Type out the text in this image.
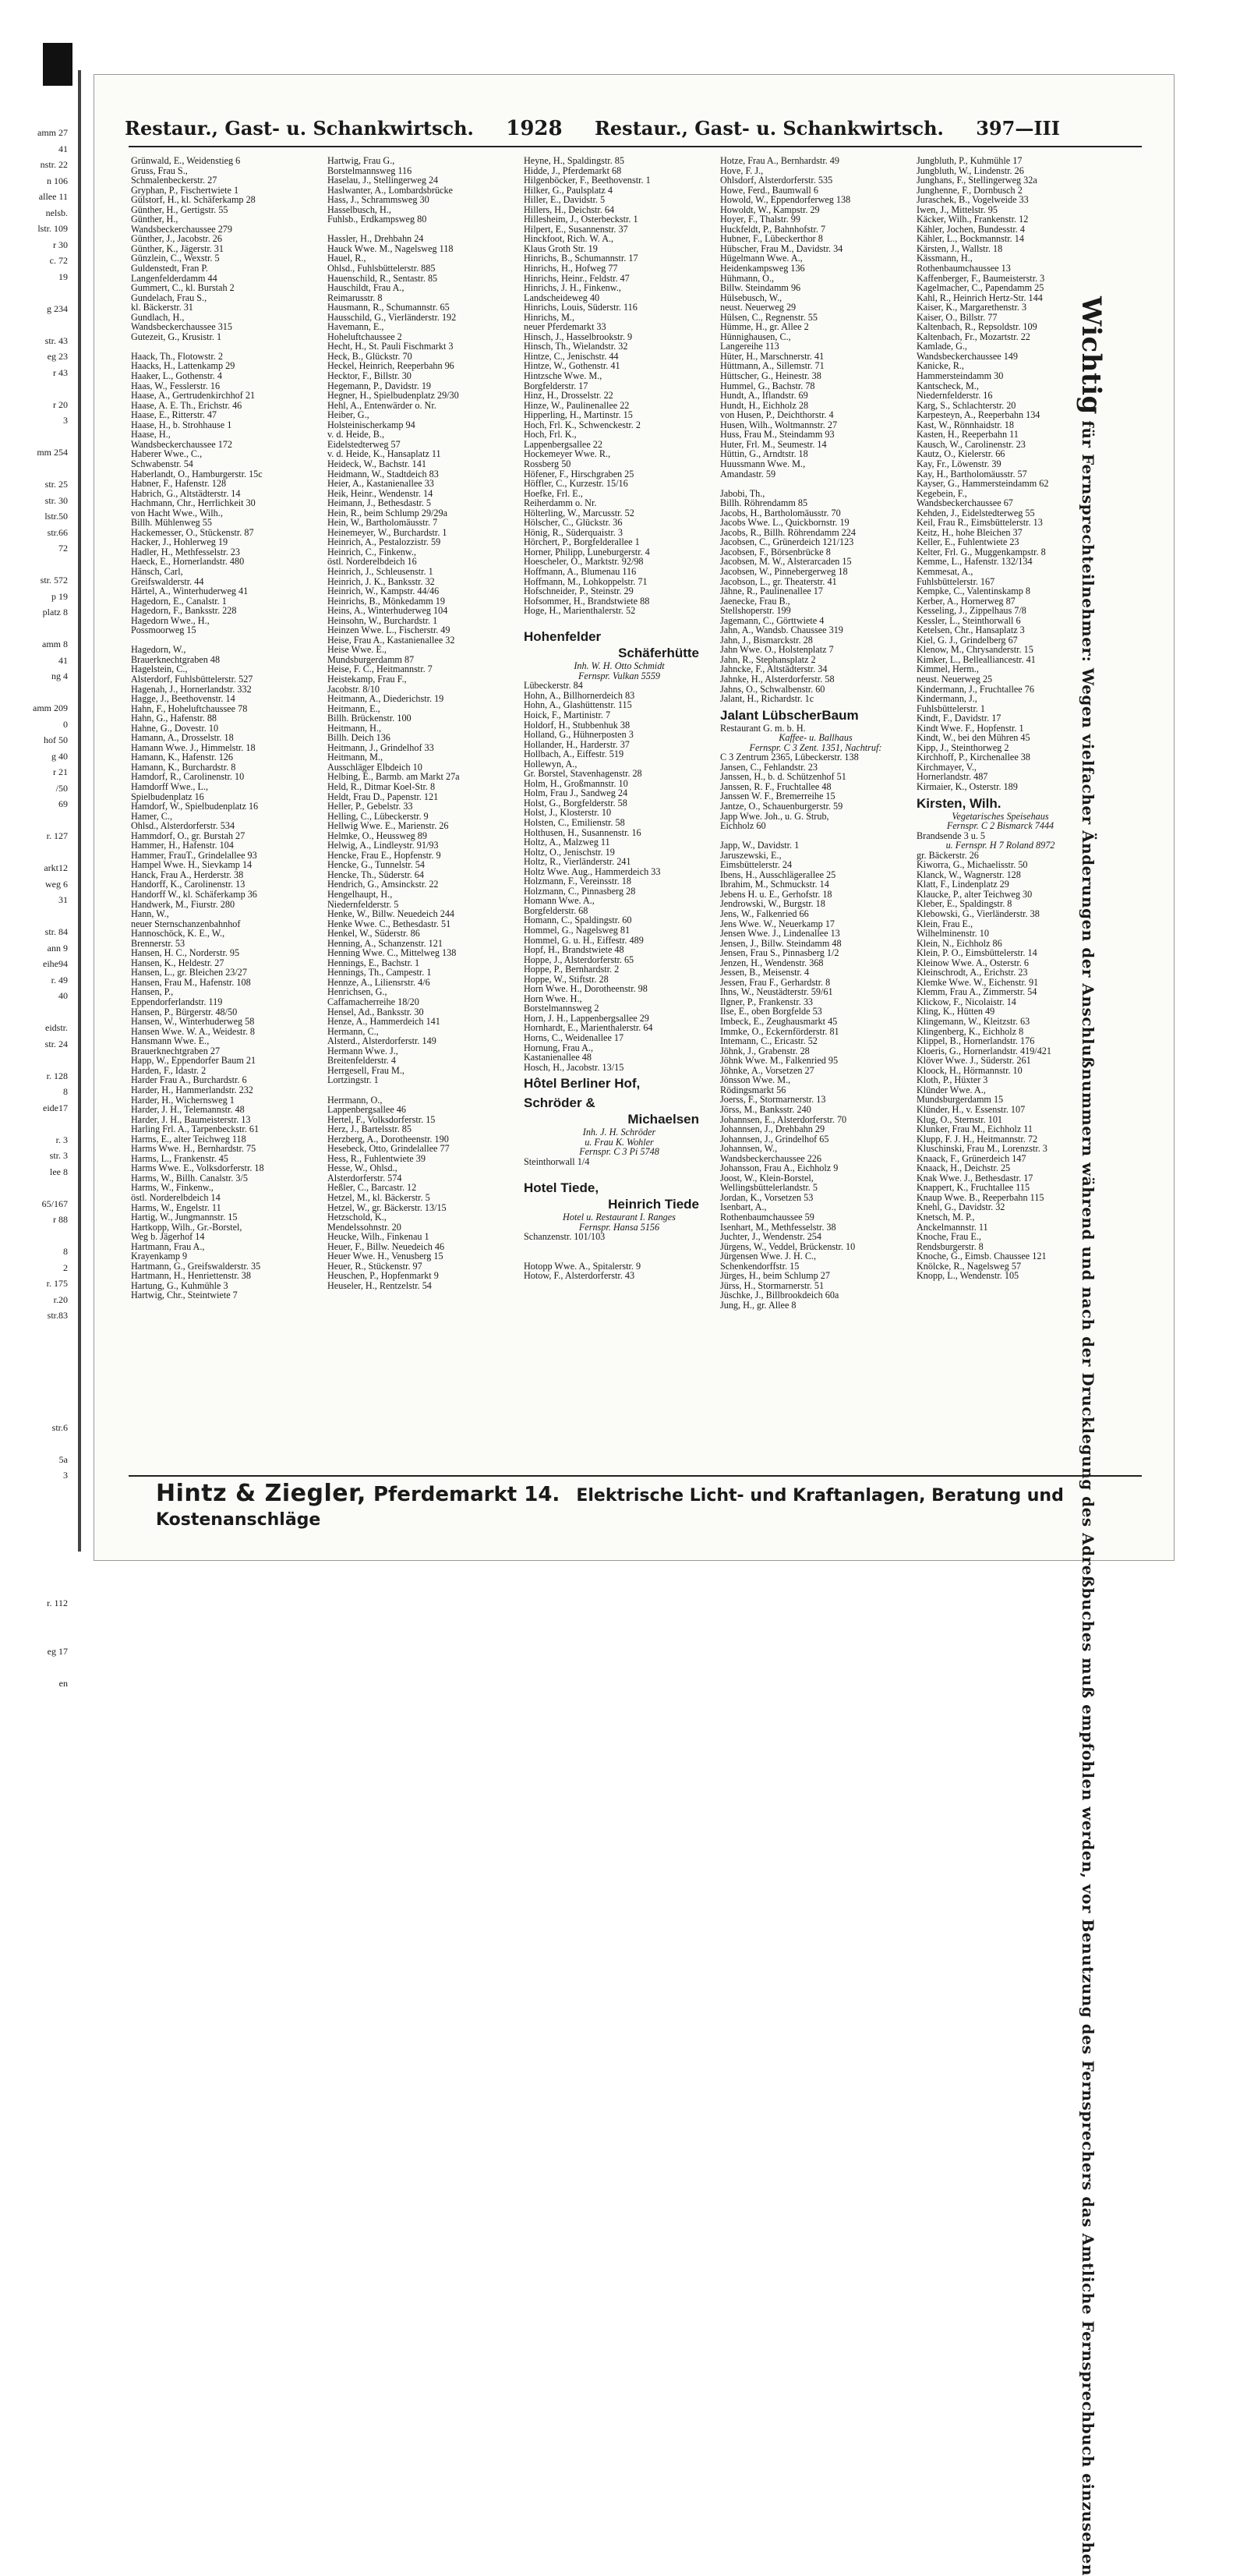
amm 27
41
nstr. 22
n 106
allee 11
nelsb.
lstr. 109
r 30
c. 72
19

g 234

str. 43
eg 23
r 43

r 20
3

mm 254

str. 25
str. 30
lstr.50
str.66
72

str. 572
p 19
platz 8

amm 8
41
ng 4

amm 209
0
hof 50
g 40
r 21
/50
69

r. 127

arkt12
weg 6
31

str. 84
ann 9
eihe94
r. 49
40

eidstr.
str. 24

r. 128
8
eide17

r. 3
str. 3
lee 8

65/167
r 88

8
2
r. 175
r.20
str.83

str.6

5a
3

r. 112

eg 17

en
Restaur., Gast- u. Schankwirtsch. 1928 Restaur., Gast- u. Schankwirtsch. 397—III
Grünwald, E., Weidenstieg 6
Gruss, Frau S.,
Schmalenbeckerstr. 27
Gryphan, P., Fischertwiete 1
Gülstorf, H., kl. Schäferkamp 28
Günther, H., Gertigstr. 55
Günther, H.,
Wandsbeckerchaussee 279
Günther, J., Jacobstr. 26
Günther, K., Jägerstr. 31
Günzlein, C., Wexstr. 5
Guldenstedt, Fran P.
Langenfelderdamm 44
Gummert, C., kl. Burstah 2
Gundelach, Frau S.,
kl. Bäckerstr. 31
Gundlach, H.,
Wandsbeckerchaussee 315
Gutezeit, G., Krusistr. 1

Haack, Th., Flotowstr. 2
Haacks, H., Lattenkamp 29
Haaker, L., Gothenstr. 4
Haas, W., Fesslerstr. 16
Haase, A., Gertrudenkirchhof 21
Haase, A. E. Th., Erichstr. 46
Haase, E., Ritterstr. 47
Haase, H., b. Strohhause 1
Haase, H.,
Wandsbeckerchaussee 172
Haberer Wwe., C.,
Schwabenstr. 54
Haberlandt, O., Hamburgerstr. 15c
Habner, F., Hafenstr. 128
Habrich, G., Altstädterstr. 14
Hachmann, Chr., Herrlichkeit 30
von Hacht Wwe., Wilh.,
Billh. Mühlenweg 55
Hackemesser, O., Stückenstr. 87
Hacker, J., Hohlerweg 19
Hadler, H., Methfesselstr. 23
Haeck, E., Hornerlandstr. 480
Hänsch, Carl,
Greifswalderstr. 44
Härtel, A., Winterhuderweg 41
Hagedorn, E., Canalstr. 1
Hagedorn, F., Banksstr. 228
Hagedorn Wwe., H.,
Possmoorweg 15

Hagedorn, W.,
Brauerknechtgraben 48
Hagelstein, C.,
Alsterdorf, Fuhlsbüttelerstr. 527
Hagenah, J., Hornerlandstr. 332
Hagge, J., Beethovenstr. 14
Hahn, F., Hoheluftchaussee 78
Hahn, G., Hafenstr. 88
Hahne, G., Dovestr. 10
Hamann, A., Drosselstr. 18
Hamann Wwe. J., Himmelstr. 18
Hamann, K., Hafenstr. 126
Hamann, K., Burchardstr. 8
Hamdorf, R., Carolinenstr. 10
Hamdorff Wwe., L.,
Spielbudenplatz 16
Hamdorf, W., Spielbudenplatz 16
Hamer, C.,
Ohlsd., Alsterdorferstr. 534
Hammdorf, O., gr. Burstah 27
Hammer, H., Hafenstr. 104
Hammer, FrauT., Grindelallee 93
Hampel Wwe. H., Sievkamp 14
Hanck, Frau A., Herderstr. 38
Handorff, K., Carolinenstr. 13
Handorff W., kl. Schäferkamp 36
Handwerk, M., Fiurstr. 280
Hann, W.,
neuer Sternschanzenbahnhof
Hannoschöck, K. E., W.,
Brennerstr. 53
Hansen, H. C., Norderstr. 95
Hansen, K., Heldestr. 27
Hansen, L., gr. Bleichen 23/27
Hansen, Frau M., Hafenstr. 108
Hansen, P.,
Eppendorferlandstr. 119
Hansen, P., Bürgerstr. 48/50
Hansen, W., Winterhuderweg 58
Hansen Wwe. W. A., Weidestr. 8
Hansmann Wwe. E.,
Brauerknechtgraben 27
Happ, W., Eppendorfer Baum 21
Harden, F., Idastr. 2
Harder Frau A., Burchardstr. 6
Harder, H., Hammerlandstr. 232
Harder, H., Wichernsweg 1
Harder, J. H., Telemannstr. 48
Harder, J. H., Baumeisterstr. 13
Harling Frl. A., Tarpenbeckstr. 61
Harms, E., alter Teichweg 118
Harms Wwe. H., Bernhardstr. 75
Harms, L., Frankenstr. 45
Harms Wwe. E., Volksdorferstr. 18
Harms, W., Billh. Canalstr. 3/5
Harms, W., Finkenw.,
östl. Norderelbdeich 14
Harms, W., Engelstr. 11
Hartig, W., Jungmannstr. 15
Hartkopp, Wilh., Gr.-Borstel,
Weg b. Jägerhof 14
Hartmann, Frau A.,
Krayenkamp 9
Hartmann, G., Greifswalderstr. 35
Hartmann, H., Henriettenstr. 38
Hartung, G., Kuhmühle 3
Hartwig, Chr., Steintwiete 7
Hartwig, Frau G.,
Borstelmannsweg 116
Haselau, J., Stellingerweg 24
Haslwanter, A., Lombardsbrücke
Hass, J., Schrammsweg 30
Hasselbusch, H.,
Fuhlsb., Erdkampsweg 80

Hassler, H., Drehbahn 24
Hauck Wwe. M., Nagelsweg 118
Hauel, R.,
Ohlsd., Fuhlsbüttelerstr. 885
Hauenschild, R., Sentastr. 85
Hauschildt, Frau A.,
Reimarusstr. 8
Hausmann, R., Schumannstr. 65
Hausschild, G., Vierländerstr. 192
Havemann, E.,
Hoheluftchaussee 2
Hecht, H., St. Pauli Fischmarkt 3
Heck, B., Glückstr. 70
Heckel, Heinrich, Reeperbahn 96
Hecktor, F., Billstr. 30
Hegemann, P., Davidstr. 19
Hegner, H., Spielbudenplatz 29/30
Hehl, A., Entenwärder o. Nr.
Heiber, G.,
Holsteinischerkamp 94
v. d. Heide, B.,
Eidelstedterweg 57
v. d. Heide, K., Hansaplatz 11
Heideck, W., Bachstr. 141
Heidmann, W., Stadtdeich 83
Heier, A., Kastanienallee 33
Heik, Heinr., Wendenstr. 14
Heimann, J., Bethesdastr. 5
Hein, R., beim Schlump 29/29a
Hein, W., Bartholomäusstr. 7
Heinemeyer, W., Burchardstr. 1
Heinrich, A., Pestalozzistr. 59
Heinrich, C., Finkenw.,
östl. Norderelbdeich 16
Heinrich, J., Schleusenstr. 1
Heinrich, J. K., Banksstr. 32
Heinrich, W., Kampstr. 44/46
Heinrichs, B., Mönkedamm 19
Heins, A., Winterhuderweg 104
Heinsohn, W., Burchardstr. 1
Heinzen Wwe. L., Fischerstr. 49
Heise, Frau A., Kastanienallee 32
Heise Wwe. E.,
Mundsburgerdamm 87
Heise, F. C., Heitmannstr. 7
Heistekamp, Frau F.,
Jacobstr. 8/10
Heitmann, A., Diederichstr. 19
Heitmann, E.,
Billh. Brückenstr. 100
Heitmann, H.,
Billh. Deich 136
Heitmann, J., Grindelhof 33
Heitmann, M.,
Ausschläger Elbdeich 10
Helbing, E., Barmb. am Markt 27a
Held, R., Ditmar Koel-Str. 8
Heldt, Frau D., Papenstr. 121
Heller, P., Gebelstr. 33
Helling, C., Lübeckerstr. 9
Hellwig Wwe. E., Marienstr. 26
Helmke, O., Heussweg 89
Helwig, A., Lindleystr. 91/93
Hencke, Frau E., Hopfenstr. 9
Hencke, G., Tunnelstr. 54
Hencke, Th., Süderstr. 64
Hendrich, G., Amsinckstr. 22
Hengelhaupt, H.,
Niedernfelderstr. 5
Henke, W., Billw. Neuedeich 244
Henke Wwe. C., Bethesdastr. 51
Henkel, W., Süderstr. 86
Henning, A., Schanzenstr. 121
Henning Wwe. C., Mittelweg 138
Hennings, E., Bachstr. 1
Hennings, Th., Campestr. 1
Hennze, A., Liliensrstr. 4/6
Henrichsen, G.,
Caffamacherreihe 18/20
Hensel, Ad., Banksstr. 30
Henze, A., Hammerdeich 141
Hermann, C.,
Alsterd., Alsterdorferstr. 149
Hermann Wwe. J.,
Breitenfelderstr. 4
Herrgesell, Frau M.,
Lortzingstr. 1

Herrmann, O.,
Lappenbergsallee 46
Hertel, F., Volksdorferstr. 15
Herz, J., Bartelsstr. 85
Herzberg, A., Dorotheenstr. 190
Hesebeck, Otto, Grindelallee 77
Hess, R., Fuhlentwiete 39
Hesse, W., Ohlsd.,
Alsterdorferstr. 574
Heßler, C., Barcastr. 12
Hetzel, M., kl. Bäckerstr. 5
Hetzel, W., gr. Bäckerstr. 13/15
Hetzschold, K.,
Mendelssohnstr. 20
Heucke, Wilh., Finkenau 1
Heuer, F., Billw. Neuedeich 46
Heuer Wwe. H., Venusberg 15
Heuer, R., Stückenstr. 97
Heuschen, P., Hopfenmarkt 9
Heuseler, H., Rentzelstr. 54
Heyne, H., Spaldingstr. 85
Hidde, J., Pferdemarkt 68
Hilgenböcker, F., Beethovenstr. 1
Hilker, G., Paulsplatz 4
Hiller, E., Davidstr. 5
Hillers, H., Deichstr. 64
Hillesheim, J., Osterbeckstr. 1
Hilpert, E., Susannenstr. 37
Hinckfoot, Rich. W. A.,
Klaus Groth Str. 19
Hinrichs, B., Schumannstr. 17
Hinrichs, H., Hofweg 77
Hinrichs, Heinr., Feldstr. 47
Hinrichs, J. H., Finkenw.,
Landscheideweg 40
Hinrichs, Louis, Süderstr. 116
Hinrichs, M.,
neuer Pferdemarkt 33
Hinsch, J., Hasselbrookstr. 9
Hinsch, Th., Wielandstr. 32
Hintze, C., Jenischstr. 44
Hintze, W., Gothenstr. 41
Hintzsche Wwe. M.,
Borgfelderstr. 17
Hinz, H., Drosselstr. 22
Hinze, W., Paulinenallee 22
Hipperling, H., Martinstr. 15
Hoch, Frl. K., Schwenckestr. 2
Hoch, Frl. K.,
Lappenbergsallee 22
Hockemeyer Wwe. R.,
Rossberg 50
Höfener, F., Hirschgraben 25
Höffler, C., Kurzestr. 15/16
Hoefke, Frl. E.,
Reiherdamm o. Nr.
Hölterling, W., Marcusstr. 52
Hölscher, C., Glückstr. 36
Hönig, R., Süderquaistr. 3
Hörchert, P., Borgfelderallee 1
Horner, Philipp, Luneburgerstr. 4
Hoescheler, O., Marktstr. 92/98
Hoffmann, A., Blumenau 116
Hoffmann, M., Lohkoppelstr. 71
Hofschneider, P., Steinstr. 29
Hofsommer, H., Brandstwiete 88
Hoge, H., Marienthalerstr. 52

Hohenfelder
Schäferhütte
Inh. W. H. Otto Schmidt
Fernspr. Vulkan 5559
Lübeckerstr. 84
Hohn, A., Billhornerdeich 83
Hohn, A., Glashüttenstr. 115
Hoick, F., Martinistr. 7
Holdorf, H., Stubbenhuk 38
Holland, G., Hühnerposten 3
Hollander, H., Harderstr. 37
Hollbach, A., Eiffestr. 519
Hollewyn, A.,
Gr. Borstel, Stavenhagenstr. 28
Holm, H., Großmannstr. 10
Holm, Frau J., Sandweg 24
Holst, G., Borgfelderstr. 58
Holst, J., Klosterstr. 10
Holsten, C., Emilienstr. 58
Holthusen, H., Susannenstr. 16
Holtz, A., Malzweg 11
Holtz, O., Jenischstr. 19
Holtz, R., Vierländerstr. 241
Holtz Wwe. Aug., Hammerdeich 33
Holzmann, F., Vereinsstr. 18
Holzmann, C., Pinnasberg 28
Homann Wwe. A.,
Borgfelderstr. 68
Homann, C., Spaldingstr. 60
Hommel, G., Nagelsweg 81
Hommel, G. u. H., Eiffestr. 489
Hopf, H., Brandstwiete 48
Hoppe, J., Alsterdorferstr. 65
Hoppe, P., Bernhardstr. 2
Hoppe, W., Stiftstr. 28
Horn Wwe. H., Dorotheenstr. 98
Horn Wwe. H.,
Borstelmannsweg 2
Horn, J. H., Lappenbergsallee 29
Hornhardt, E., Marienthalerstr. 64
Horns, C., Weidenallee 17
Hornung, Frau A.,
Kastanienallee 48
Hosch, H., Jacobstr. 13/15
Hôtel Berliner Hof,
Schröder &
Michaelsen
Inh. J. H. Schröder
u. Frau K. Wohler
Fernspr. C 3 Pi 5748
Steinthorwall 1/4

Hotel Tiede,
Heinrich Tiede
Hotel u. Restaurant I. Ranges
Fernspr. Hansa 5156
Schanzenstr. 101/103

Hotopp Wwe. A., Spitalerstr. 9
Hotow, F., Alsterdorferstr. 43
Hotze, Frau A., Bernhardstr. 49
Hove, F. J.,
Ohlsdorf, Alsterdorferstr. 535
Howe, Ferd., Baumwall 6
Howold, W., Eppendorferweg 138
Howoldt, W., Kampstr. 29
Hoyer, F., Thalstr. 99
Huckfeldt, P., Bahnhofstr. 7
Hubner, F., Lübeckerthor 8
Hübscher, Frau M., Davidstr. 34
Hügelmann Wwe. A.,
Heidenkampsweg 136
Hühmann, O.,
Billw. Steindamm 96
Hülsebusch, W.,
neust. Neuerweg 29
Hülsen, C., Regnenstr. 55
Hümme, H., gr. Allee 2
Hünnighausen, C.,
Langereihe 113
Hüter, H., Marschnerstr. 41
Hüttmann, A., Sillemstr. 71
Hüttscher, G., Heinestr. 38
Hummel, G., Bachstr. 78
Hundt, A., Iflandstr. 69
Hundt, H., Eichholz 28
von Husen, P., Deichthorstr. 4
Husen, Wilh., Woltmannstr. 27
Huss, Frau M., Steindamm 93
Huter, Frl. M., Seumestr. 14
Hüttin, G., Arndtstr. 18
Huussmann Wwe. M.,
Amandastr. 59

Jabobi, Th.,
Billh. Röhrendamm 85
Jacobs, H., Bartholomäusstr. 70
Jacobs Wwe. L., Quickbornstr. 19
Jacobs, R., Billh. Röhrendamm 224
Jacobsen, C., Grünerdeich 121/123
Jacobsen, F., Börsenbrücke 8
Jacobsen, M. W., Alsterarcaden 15
Jacobsen, W., Pinnebergerweg 18
Jacobson, L., gr. Theaterstr. 41
Jähne, R., Paulinenallee 17
Jaenecke, Frau B.,
Stellshoperstr. 199
Jagemann, C., Görttwiete 4
Jahn, A., Wandsb. Chaussee 319
Jahn, J., Bismarckstr. 28
Jahn Wwe. O., Holstenplatz 7
Jahn, R., Stephansplatz 2
Jahncke, F., Altstädterstr. 34
Jahnke, H., Alsterdorferstr. 58
Jahns, O., Schwalbenstr. 60
Jalant, H., Richardstr. 1c
Jalant LübscherBaum
Restaurant G. m. b. H.
Kaffee- u. Ballhaus
Fernspr. C 3 Zent. 1351, Nachtruf:
C 3 Zentrum 2365, Lübeckerstr. 138
Jansen, C., Fehlandstr. 23
Janssen, H., b. d. Schützenhof 51
Janssen, R. F., Fruchtallee 48
Janssen W. F., Bremerreihe 15
Jantze, O., Schauenburgerstr. 59
Japp Wwe. Joh., u. G. Strub,
Eichholz 60

Japp, W., Davidstr. 1
Jaruszewski, E.,
Eimsbüttelerstr. 24
Ibens, H., Ausschlägerallee 25
Ibrahim, M., Schmuckstr. 14
Jebens H. u. E., Gerhofstr. 18
Jendrowski, W., Burgstr. 18
Jens, W., Falkenried 66
Jens Wwe. W., Neuerkamp 17
Jensen Wwe. J., Lindenallee 13
Jensen, J., Billw. Steindamm 48
Jensen, Frau S., Pinnasberg 1/2
Jenzen, H., Wendenstr. 368
Jessen, B., Meisenstr. 4
Jessen, Frau F., Gerhardstr. 8
Ihns, W., Neustädterstr. 59/61
Ilgner, P., Frankenstr. 33
Ilse, E., oben Borgfelde 53
Imbeck, E., Zeughausmarkt 45
Immke, O., Eckernförderstr. 81
Intemann, C., Ericastr. 52
Jöhnk, J., Grabenstr. 28
Jöhnk Wwe. M., Falkenried 95
Jöhnke, A., Vorsetzen 27
Jönsson Wwe. M.,
Rödingsmarkt 56
Joerss, F., Stormarnerstr. 13
Jörss, M., Banksstr. 240
Johannsen, E., Alsterdorferstr. 70
Johannsen, J., Drehbahn 29
Johannsen, J., Grindelhof 65
Johannsen, W.,
Wandsbeckerchaussee 226
Johansson, Frau A., Eichholz 9
Joost, W., Klein-Borstel,
Wellingsbüttelerlandstr. 5
Jordan, K., Vorsetzen 53
Isenbart, A.,
Rothenbaumchaussee 59
Isenhart, M., Methfesselstr. 38
Juchter, J., Wendenstr. 254
Jürgens, W., Veddel, Brückenstr. 10
Jürgensen Wwe. J. H. C.,
Schenkendorffstr. 15
Jürges, H., beim Schlump 27
Jürss, H., Stormarnerstr. 51
Jüschke, J., Billbrookdeich 60a
Jung, H., gr. Allee 8
Jungbluth, P., Kuhmühle 17
Jungbluth, W., Lindenstr. 26
Junghans, F., Stellingerweg 32a
Junghenne, F., Dornbusch 2
Juraschek, B., Vogelweide 33
Iwen, J., Mittelstr. 95
Käcker, Wilh., Frankenstr. 12
Kähler, Jochen, Bundesstr. 4
Kähler, L., Bockmannstr. 14
Kärsten, J., Wallstr. 18
Kässmann, H.,
Rothenbaumchaussee 13
Kaffenberger, F., Baumeisterstr. 3
Kagelmacher, C., Papendamm 25
Kahl, R., Heinrich Hertz-Str. 144
Kaiser, K., Margarethenstr. 3
Kaiser, O., Billstr. 77
Kaltenbach, R., Repsoldstr. 109
Kaltenbach, Fr., Mozartstr. 22
Kamlade, G.,
Wandsbeckerchaussee 149
Kanicke, R.,
Hammersteindamm 30
Kantscheck, M.,
Niedernfelderstr. 16
Karg, S., Schlachterstr. 20
Karpesteyn, A., Reeperbahn 134
Kast, W., Rönnhaidstr. 18
Kasten, H., Reeperbahn 11
Kausch, W., Carolinenstr. 23
Kautz, O., Kielerstr. 66
Kay, Fr., Löwenstr. 39
Kay, H., Bartholomäusstr. 57
Kayser, G., Hammersteindamm 62
Kegebein, F.,
Wandsbeckerchaussee 67
Kehden, J., Eidelstedterweg 55
Keil, Frau R., Eimsbüttelerstr. 13
Keitz, H., hohe Bleichen 37
Keller, E., Fuhlentwiete 23
Kelter, Frl. G., Muggenkampstr. 8
Kemme, L., Hafenstr. 132/134
Kemmesat, A.,
Fuhlsbüttelerstr. 167
Kempke, C., Valentinskamp 8
Kerber, A., Hornerweg 87
Kesseling, J., Zippelhaus 7/8
Kessler, L., Steinthorwall 6
Ketelsen, Chr., Hansaplatz 3
Kiel, G. J., Grindelberg 67
Klenow, M., Chrysanderstr. 15
Kimker, L., Bellealliancestr. 41
Kimmel, Herm.,
neust. Neuerweg 25
Kindermann, J., Fruchtallee 76
Kindermann, J.,
Fuhlsbüttelerstr. 1
Kindt, F., Davidstr. 17
Kindt Wwe. F., Hopfenstr. 1
Kindt, W., bei den Mühren 45
Kipp, J., Steinthorweg 2
Kirchhoff, P., Kirchenallee 38
Kirchmayer, V.,
Hornerlandstr. 487
Kirmaier, K., Osterstr. 189
Kirsten, Wilh.
Vegetarisches Speisehaus
Fernspr. C 2 Bismarck 7444
Brandsende 3 u. 5
u. Fernspr. H 7 Roland 8972
gr. Bäckerstr. 26
Kiworra, G., Michaelisstr. 50
Klanck, W., Wagnerstr. 128
Klatt, F., Lindenplatz 29
Klaucke, P., alter Teichweg 30
Kleber, E., Spaldingstr. 8
Klebowski, G., Vierländerstr. 38
Klein, Frau E.,
Wilhelminenstr. 10
Klein, N., Eichholz 86
Klein, P. O., Eimsbüttelerstr. 14
Kleinow Wwe. A., Osterstr. 6
Kleinschrodt, A., Erichstr. 23
Klemke Wwe. W., Eichenstr. 91
Klemm, Frau A., Zimmerstr. 54
Klickow, F., Nicolaistr. 14
Kling, K., Hütten 49
Klingemann, W., Kleitzstr. 63
Klingenberg, K., Eichholz 8
Klippel, B., Hornerlandstr. 176
Kloeris, G., Hornerlandstr. 419/421
Klöver Wwe. J., Süderstr. 261
Kloock, H., Hörmannstr. 10
Kloth, P., Hüxter 3
Klünder Wwe. A.,
Mundsburgerdamm 15
Klünder, H., v. Essenstr. 107
Klug, O., Sternstr. 101
Klunker, Frau M., Eichholz 11
Klupp, F. J. H., Heitmannstr. 72
Kluschinski, Frau M., Lorenzstr. 3
Knaack, F., Grünerdeich 147
Knaack, H., Deichstr. 25
Knak Wwe. J., Bethesdastr. 17
Knappert, K., Fruchtallee 115
Knaup Wwe. B., Reeperbahn 115
Knehl, G., Davidstr. 32
Knetsch, M. P.,
Anckelmannstr. 11
Knoche, Frau E.,
Rendsburgerstr. 8
Knoche, G., Eimsb. Chaussee 121
Knölcke, R., Nagelsweg 57
Knopp, L., Wendenstr. 105
Wichtig für Fernsprechteilnehmer: Wegen vielfacher Änderungen der Anschlußnummern während und nach der Drucklegung des Adreßbuches muß empfohlen werden, vor Benutzung des Fernsprechers das Amtliche Fernsprechbuch einzusehen
Hintz & Ziegler, Pferdemarkt 14. Elektrische Licht- und Kraftanlagen, Beratung und Kostenanschläge
